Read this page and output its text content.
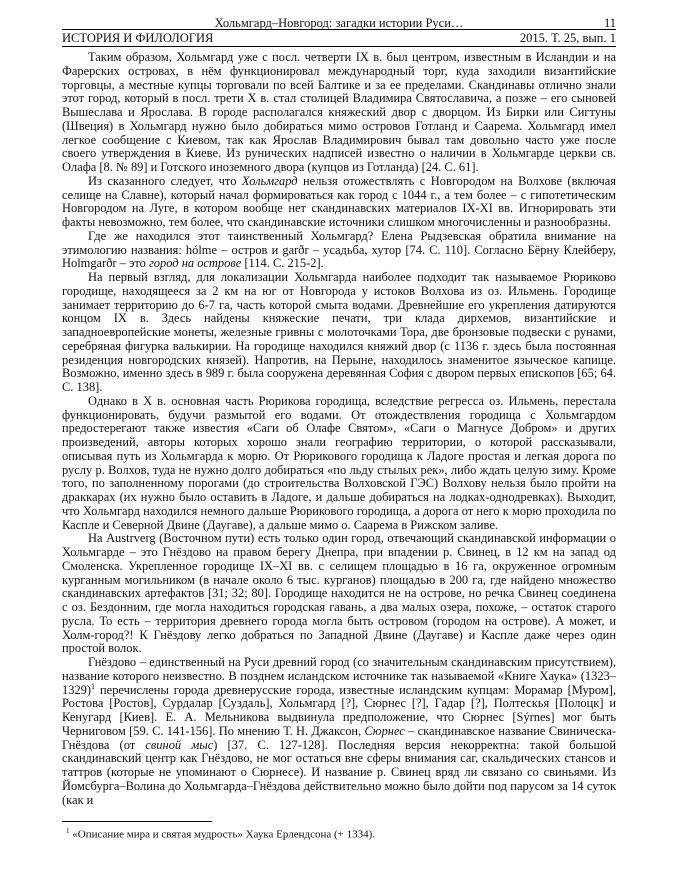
Хольмгард–Новгород: загадки истории Руси…	11
ИСТОРИЯ И ФИЛОЛОГИЯ	2015. Т. 25, вып. 1

Таким образом, Хольмгард уже с посл. четверти IX в. был центром, известным в Исландии и на Фарерских островах, в нём функционировал международный торг, куда заходили византийские торговцы, а местные купцы торговали по всей Балтике и за ее пределами. Скандинавы отлично знали этот город, который в посл. трети Х в. стал столицей Владимира Святославича, а позже – его сыновей Вышеслава и Ярослава. В городе располагался княжеский двор с дворцом. Из Бирки или Сигтуны (Швеция) в Хольмгард нужно было добираться мимо островов Готланд и Сааремa. Хольмгард имел легкое сообщение с Киевом, так как Ярослав Владимирович бывал там довольно часто уже после своего утверждения в Киеве. Из рунических надписей известно о наличии в Хольмгарде церкви св. Олафа [8. № 89] и Готского иноземного двора (купцов из Готланда) [24. С. 61].

Из сказанного следует, что Хольмгард нельзя отожествлять с Новгородом на Волхове (включая селище на Славне), который начал формироваться как город с 1044 г., а тем более – с гипотетическим Новгородом на Луге, в котором вообще нет скандинавских материалов IX-XI вв. Игнорировать эти факты невозможно, тем более, что скандинавские источники слишком многочисленны и разнообразны.

Где же находился этот таинственный Хольмгард? Елена Рыдзевская обратила внимание на этимологию названия: hólme – остров и garðr – усадьба, хутор [74. С. 110]. Согласно Бёрну Клейберу, Holmgarðr – это город на острове [114. С. 215-2].

На первый взгляд, для локализации Хольмгарда наиболее подходит так называемое Рюриково городище, находящееся за 2 км на юг от Новгорода у истоков Волхова из оз. Ильмень. Городище занимает территорию до 6-7 га, часть которой смыта водами. Древнейшие его укрепления датируются концом IX в. Здесь найдены княжеские печати, три клада дирхемов, византийские и западноевропейские монеты, железные гривны с молоточками Тора, две бронзовые подвески с рунами, серебряная фигурка валькирии. На городище находился княжий двор (с 1136 г. здесь была постоянная резиденция новгородских князей). Напротив, на Перыне, находилось знаменитое языческое капище. Возможно, именно здесь в 989 г. была сооружена деревянная София с двором первых епископов [65; 64. С. 138].

Однако в Х в. основная часть Рюрикова городища, вследствие регресса оз. Ильмень, перестала функционировать, будучи размытой его водами. От отождествления городища с Хольмгардом предостерегают также известия «Саги об Олафе Святом», «Саги о Магнусе Добром» и других произведений, авторы которых хорошо знали географию территории, о которой рассказывали, описывая путь из Хольмгарда к морю. От Рюрикового городища к Ладоге простая и легкая дорога по руслу р. Волхов, туда не нужно долго добираться «по льду стылых рек», либо ждать целую зиму. Кроме того, по заполненному порогами (до строительства Волховской ГЭС) Волхову нельзя было пройти на драккарах (их нужно было оставить в Ладоге, и дальше добираться на лодках-однодревках). Выходит, что Хольмгард находился немного дальше Рюрикового городища, а дорога от него к морю проходила по Касплe и Северной Двине (Даугаве), а дальше мимо о. Сааремa в Рижском заливе.

На Austrverg (Восточном пути) есть только один город, отвечающий скандинавской информации о Хольмгарде – это Гнёздово на правом берегу Днепра, при впадении р. Свинец, в 12 км на запад од Смоленска. Укрепленное городище IX–XI вв. с селищем площадью в 16 га, окруженное огромным курганным могильником (в начале около 6 тыс. курганов) площадью в 200 га, где найдено множество скандинавских артефактов [31; 32; 80]. Городище находится не на острове, но речка Свинец соединена с оз. Бездонним, где могла находиться городская гавань, а два малых озера, похоже, – остаток старого русла. То есть – территория древнего города могла быть островом (городом на острове). А может, и Холм-город?! К Гнёздову легко добраться по Западной Двине (Даугаве) и Касплe даже через один простой волок.

Гнёздово – единственный на Руси древний город (со значительным скандинавским присутствием), название которого неизвестно. В позднем исландском источнике так называемой «Книге Хаука» (1323–1329)$^1$ перечислены города древнерусские города, известные исландским купцам: Морамар [Муром], Ростова [Ростов], Сурдалар [Суздаль], Хольмгард [?], Сюрнес [?], Гадар [?], Полтескья [Полоцк] и Кенугард [Киев]. Е. А. Мельникова выдвинула предположение, что Сюрнес [Sýrnes] мог быть Черниговом [59. С. 141-156]. По мнению Т. Н. Джаксон, Сюрнес – скандинавское название Свиническа-Гнёздова (от свиной мыс) [37. С. 127-128]. Последняя версия некорректна: такой большой скандинавский центр как Гнёздово, не мог остаться вне сферы внимания саг, скальдических стансов и таттров (которые не упоминают о Сюрнесе). И название р. Свинец вряд ли связано со свиньями. Из Йомсбурга–Волина до Хольмгарда–Гнёздова действительно можно было дойти под парусом за 14 суток (как и

$^1$ «Описание мира и святая мудрость» Хаука Ерлендсона (+ 1334).
